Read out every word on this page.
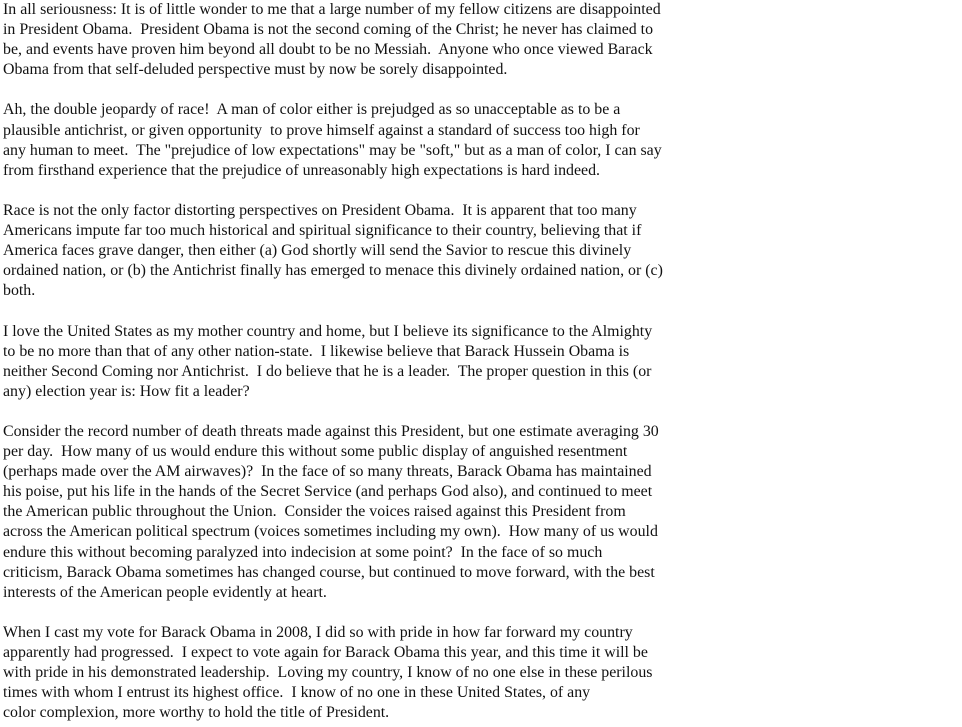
In all seriousness: It is of little wonder to me that a large number of my fellow citizens are disappointed
in President Obama.  President Obama is not the second coming of the Christ; he never has claimed to
be, and events have proven him beyond all doubt to be no Messiah.  Anyone who once viewed Barack
Obama from that self-deluded perspective must by now be sorely disappointed.
Ah, the double jeopardy of race!  A man of color either is prejudged as so unacceptable as to be a
plausible antichrist, or given opportunity  to prove himself against a standard of success too high for
any human to meet.  The "prejudice of low expectations" may be "soft," but as a man of color, I can say
from firsthand experience that the prejudice of unreasonably high expectations is hard indeed.
Race is not the only factor distorting perspectives on President Obama.  It is apparent that too many
Americans impute far too much historical and spiritual significance to their country, believing that if
America faces grave danger, then either (a) God shortly will send the Savior to rescue this divinely
ordained nation, or (b) the Antichrist finally has emerged to menace this divinely ordained nation, or (c)
both.
I love the United States as my mother country and home, but I believe its significance to the Almighty
to be no more than that of any other nation-state.  I likewise believe that Barack Hussein Obama is
neither Second Coming nor Antichrist.  I do believe that he is a leader.  The proper question in this (or
any) election year is: How fit a leader?
Consider the record number of death threats made against this President, but one estimate averaging 30
per day.  How many of us would endure this without some public display of anguished resentment
(perhaps made over the AM airwaves)?  In the face of so many threats, Barack Obama has maintained
his poise, put his life in the hands of the Secret Service (and perhaps God also), and continued to meet
the American public throughout the Union.  Consider the voices raised against this President from
across the American political spectrum (voices sometimes including my own).  How many of us would
endure this without becoming paralyzed into indecision at some point?  In the face of so much
criticism, Barack Obama sometimes has changed course, but continued to move forward, with the best
interests of the American people evidently at heart.
When I cast my vote for Barack Obama in 2008, I did so with pride in how far forward my country
apparently had progressed.  I expect to vote again for Barack Obama this year, and this time it will be
with pride in his demonstrated leadership.  Loving my country, I know of no one else in these perilous
times with whom I entrust its highest office.  I know of no one in these United States, of any
color complexion, more worthy to hold the title of President.
